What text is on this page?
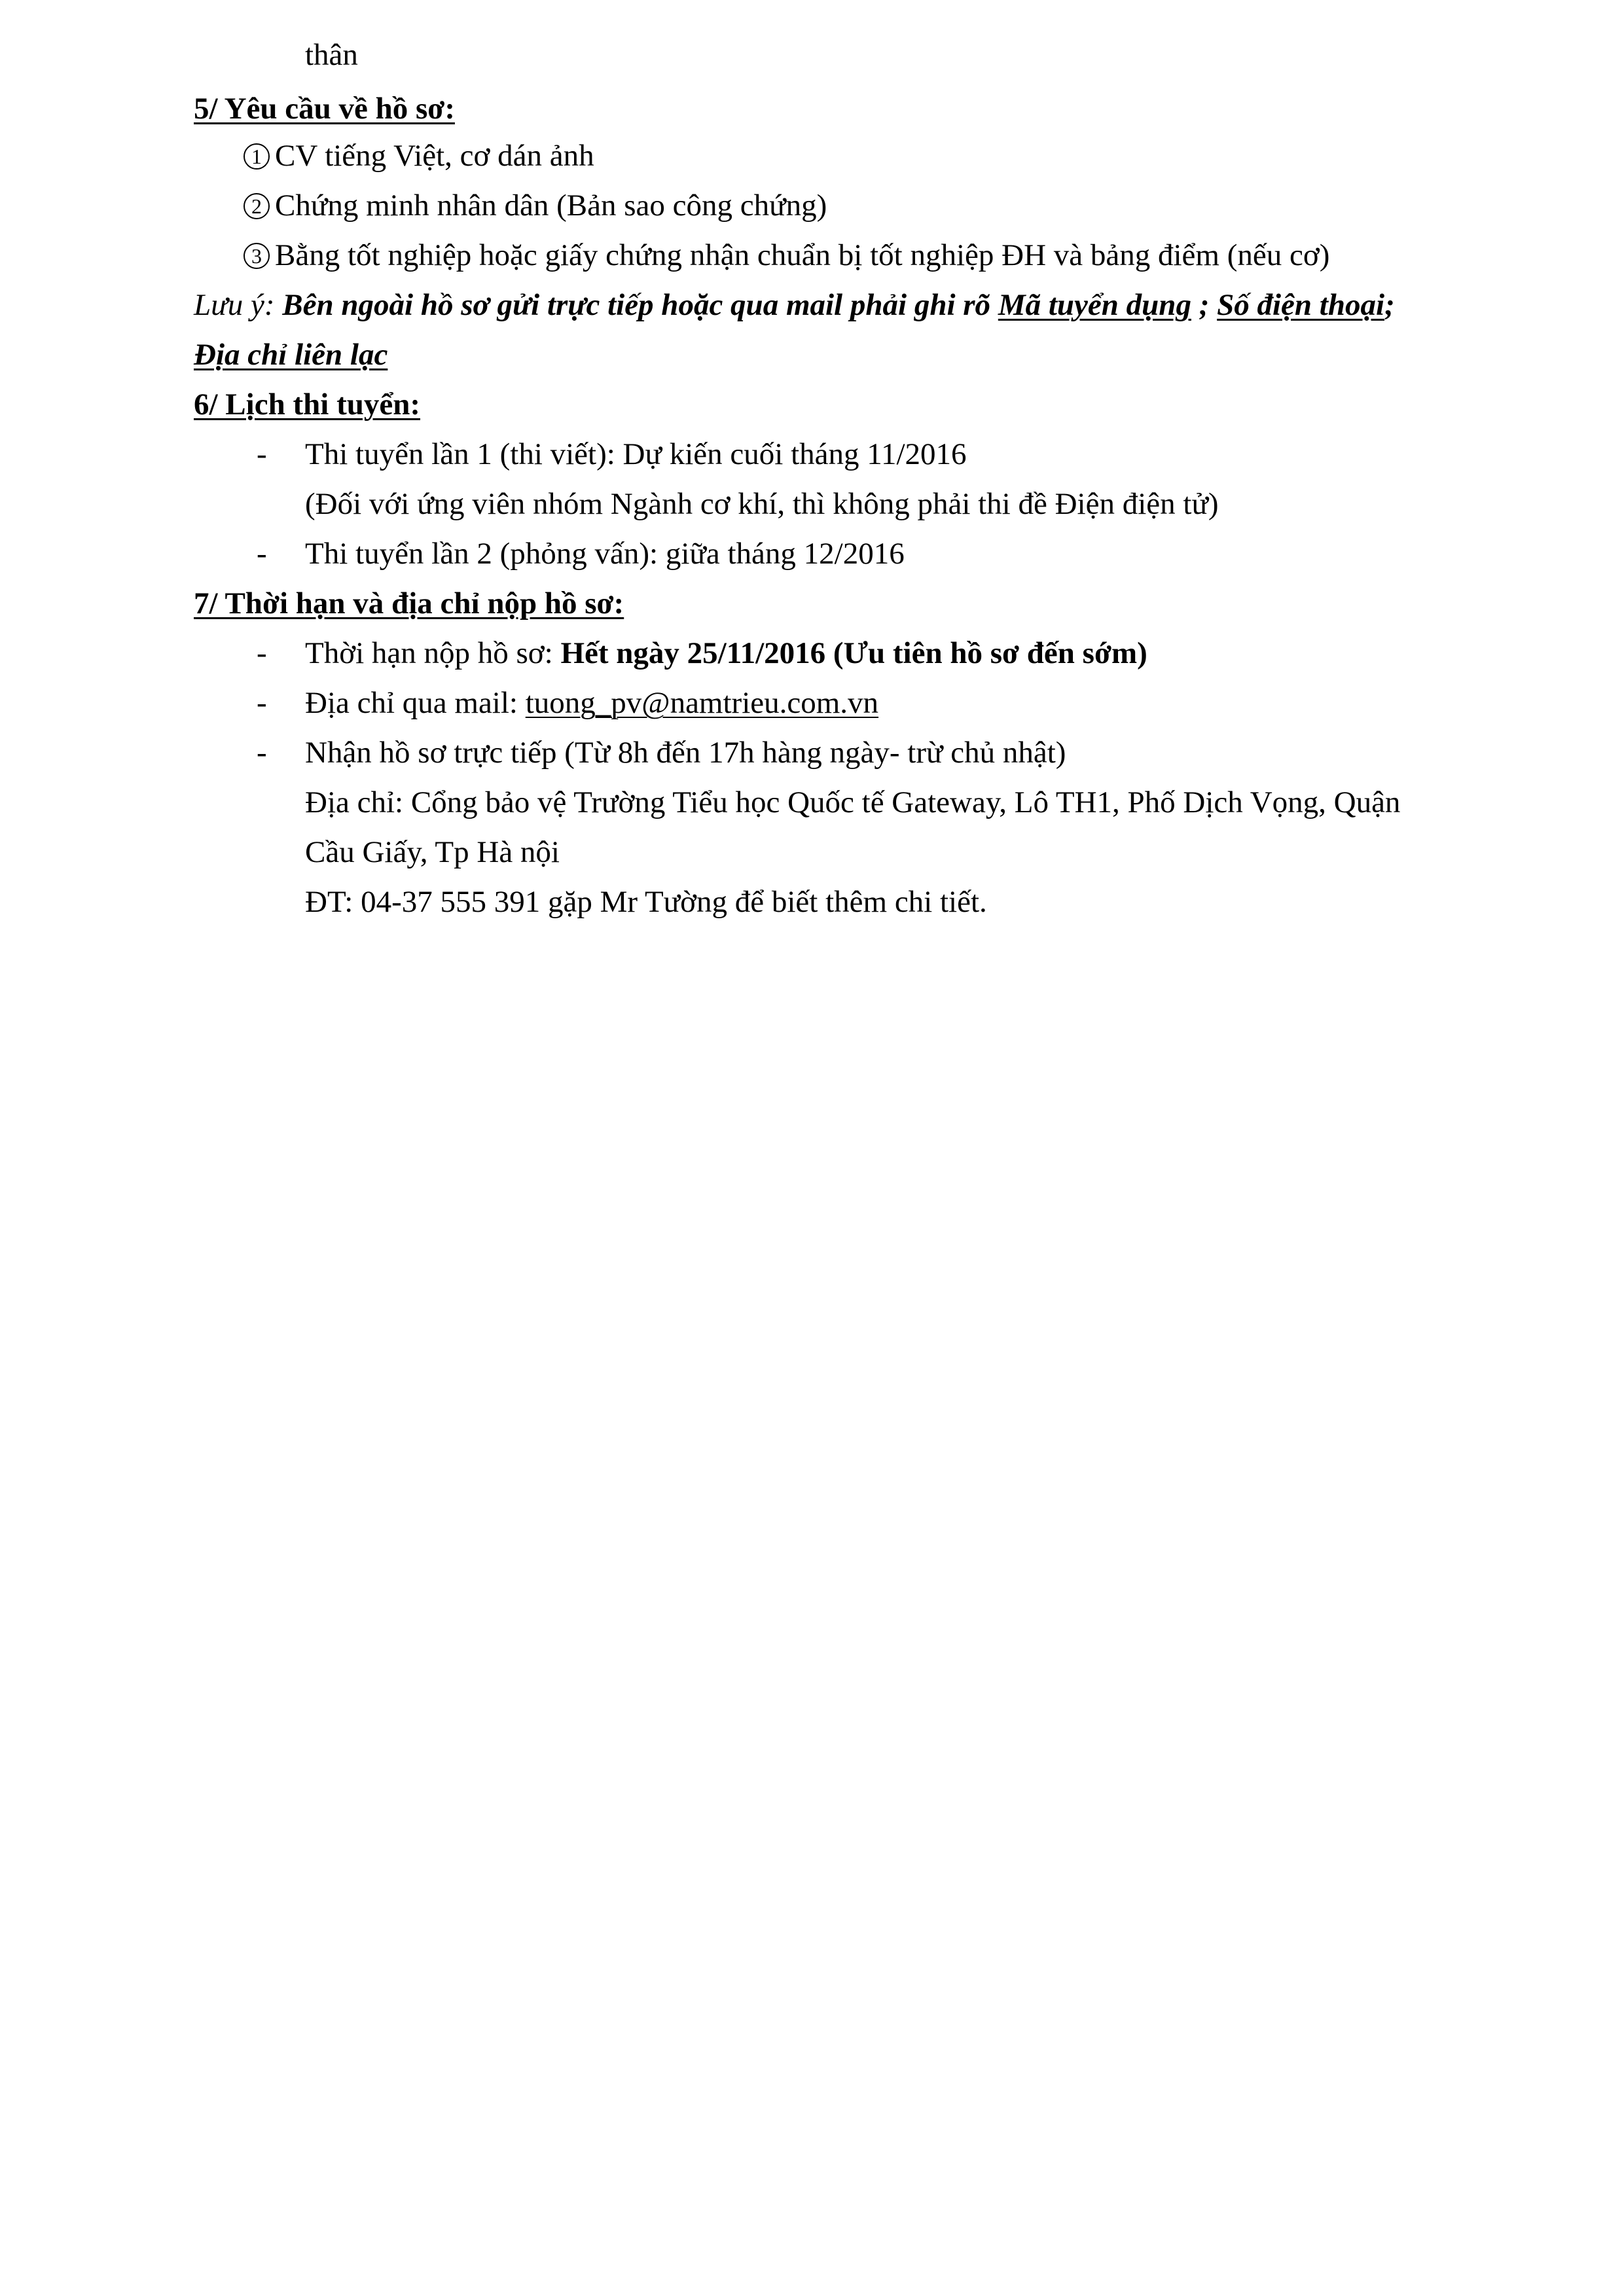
thân
5/ Yêu cầu về hồ sơ:
1 CV tiếng Việt, cơ dán ảnh
2 Chứng minh nhân dân (Bản sao công chứng)
3 Bằng tốt nghiệp hoặc giấy chứng nhận chuẩn bị tốt nghiệp ĐH và bảng điểm (nếu cơ)
Lưu ý: Bên ngoài hồ sơ gửi trực tiếp hoặc qua mail phải ghi rõ Mã tuyển dụng ; Số điện thoại;
Địa chỉ liên lạc
6/ Lịch thi tuyển:
- Thi tuyển lần 1 (thi viết): Dự kiến cuối tháng 11/2016
(Đối với ứng viên nhóm Ngành cơ khí, thì không phải thi đề Điện điện tử)
- Thi tuyển lần 2 (phỏng vấn): giữa tháng 12/2016
7/ Thời hạn và địa chỉ nộp hồ sơ:
- Thời hạn nộp hồ sơ: Hết ngày 25/11/2016 (Ưu tiên hồ sơ đến sớm)
- Địa chỉ qua mail: tuong_pv@namtrieu.com.vn
- Nhận hồ sơ trực tiếp (Từ 8h đến 17h hàng ngày- trừ chủ nhật)
Địa chỉ: Cổng bảo vệ Trường Tiểu học Quốc tế Gateway, Lô TH1, Phố Dịch Vọng, Quận
Cầu Giấy, Tp Hà nội
ĐT: 04-37 555 391 gặp Mr Tường để biết thêm chi tiết.
